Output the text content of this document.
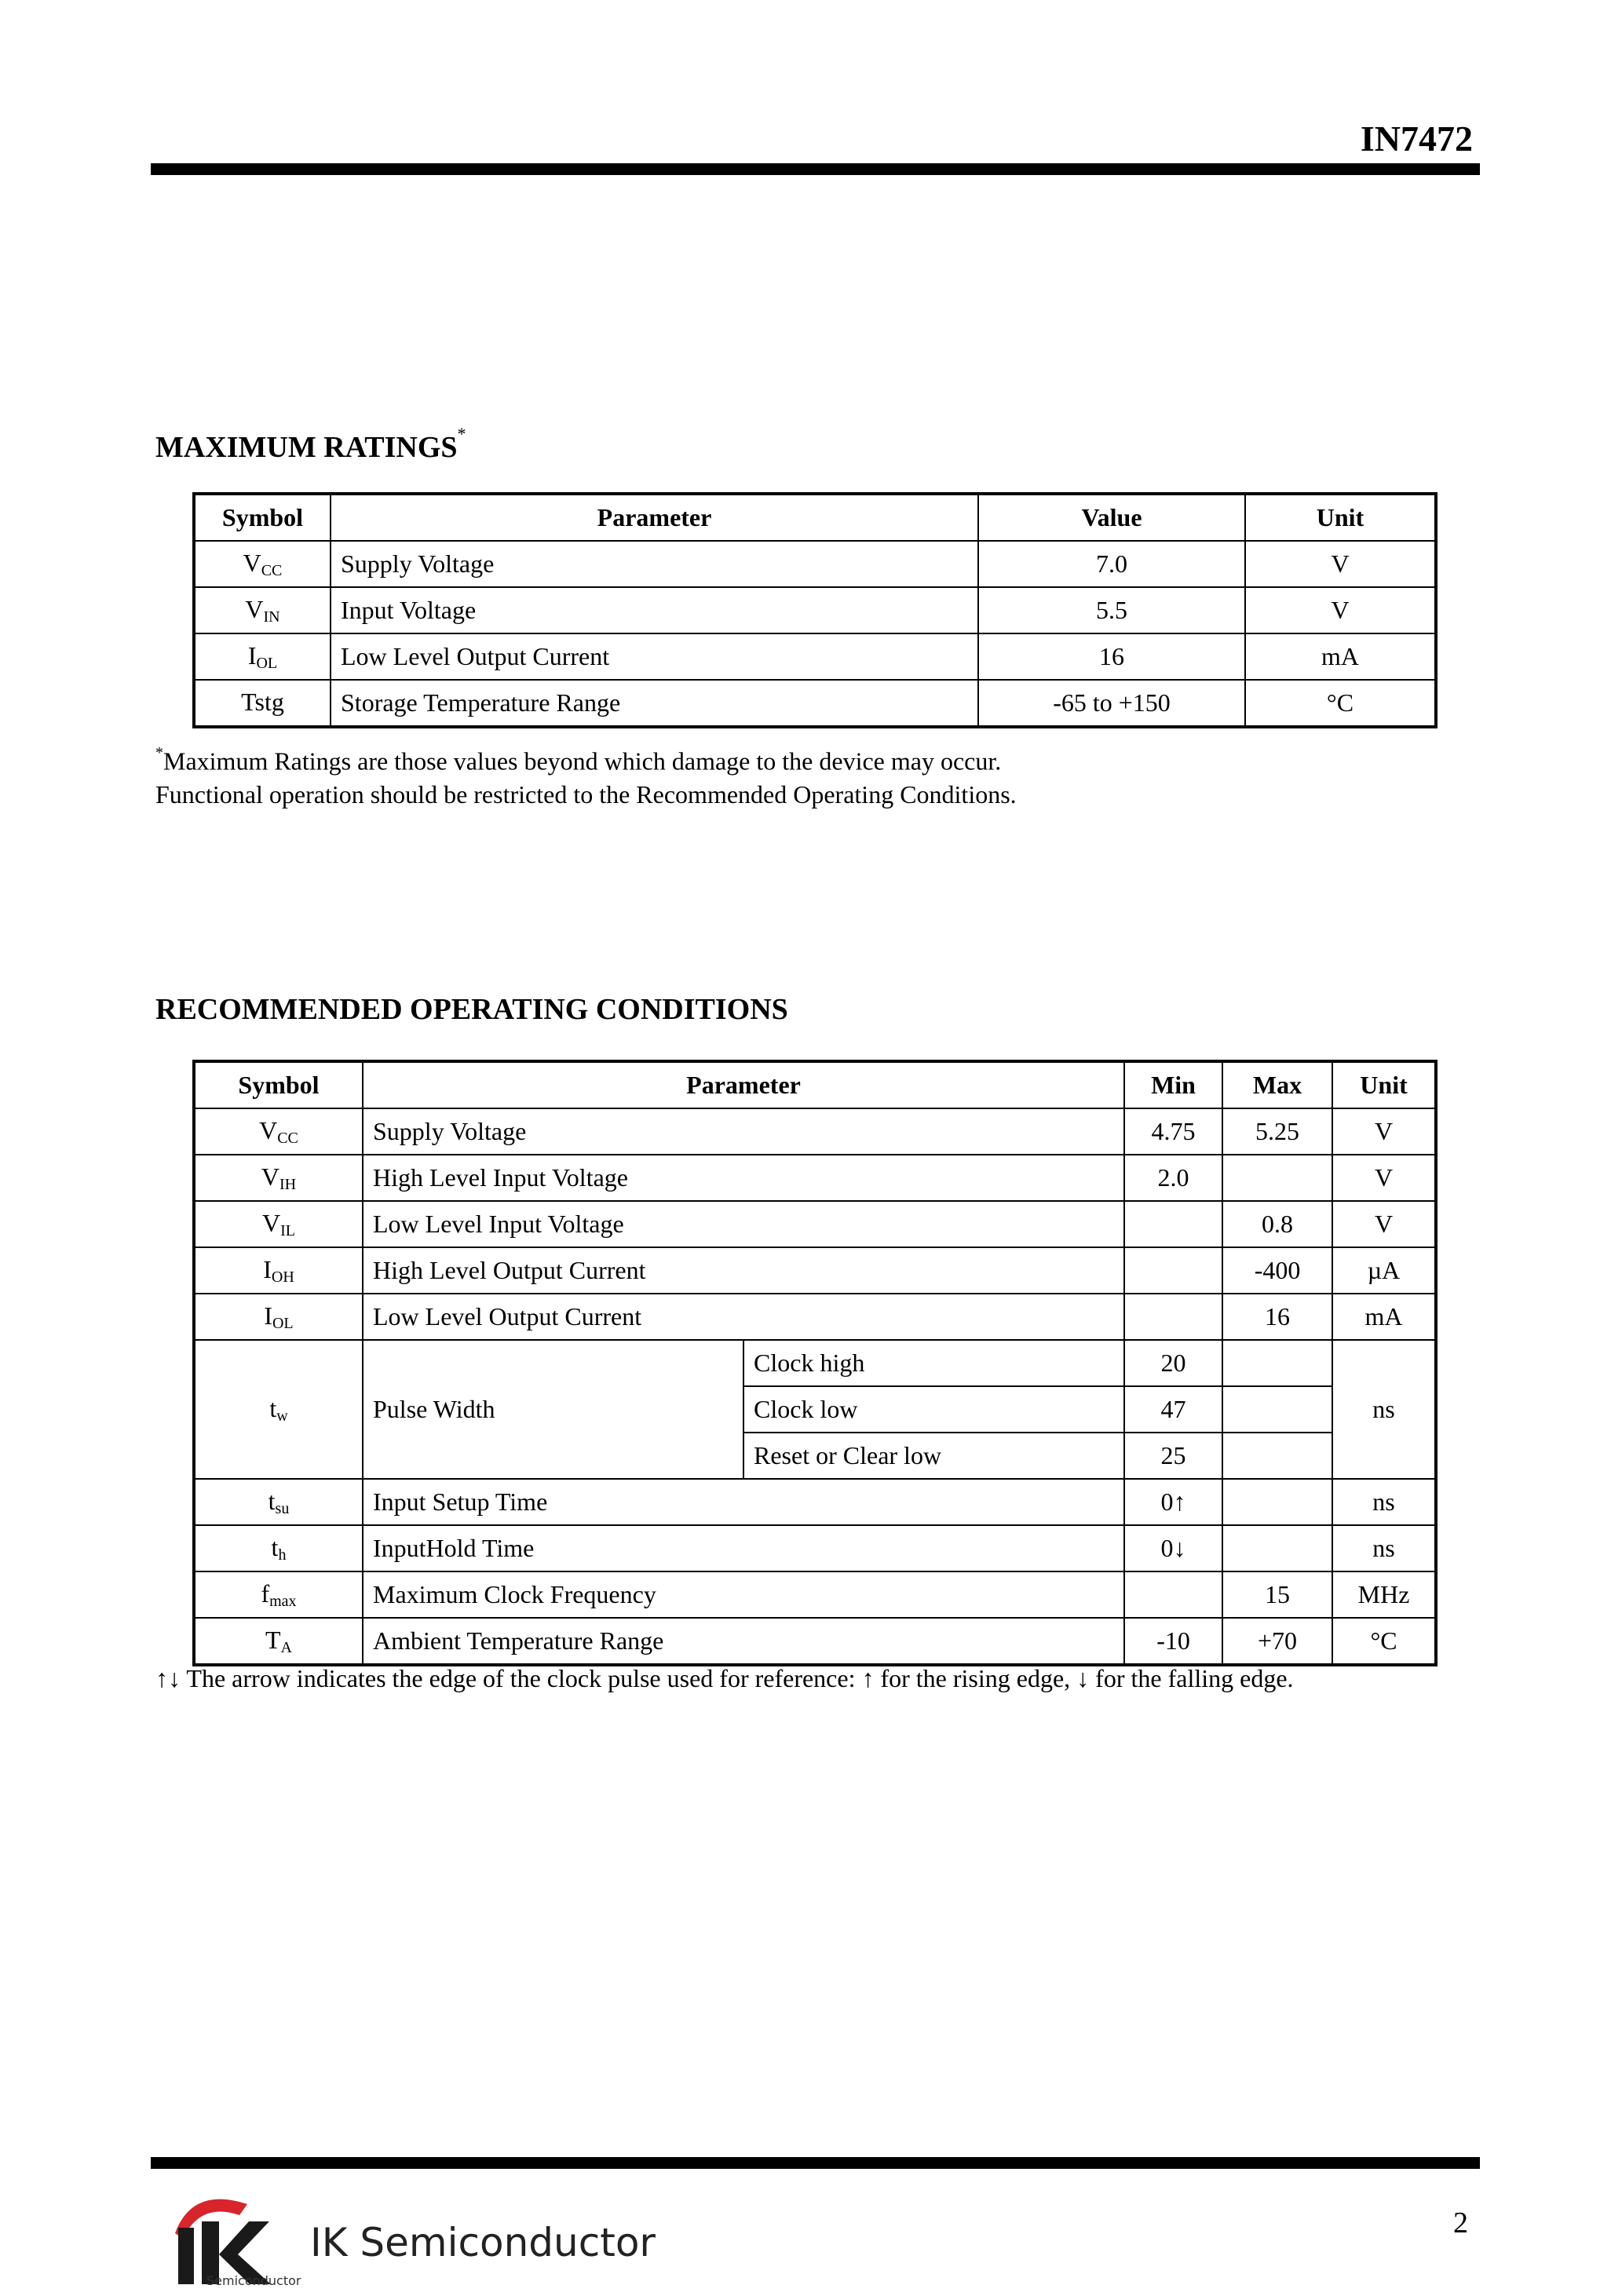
IN7472
MAXIMUM RATINGS*
Symbol	Parameter	Value	Unit
$V_{CC}$	Supply Voltage	7.0	V
$V_{IN}$	Input Voltage	5.5	V
$I_{OL}$	Low Level Output Current	16	mA
Tstg	Storage Temperature Range	-65 to +150	°C
*Maximum Ratings are those values beyond which damage to the device may occur.
Functional operation should be restricted to the Recommended Operating Conditions.
RECOMMENDED OPERATING CONDITIONS
Symbol	Parameter		Min	Max	Unit
$V_{CC}$	Supply Voltage		4.75	5.25	V
$V_{IH}$	High Level Input Voltage		2.0		V
$V_{IL}$	Low Level Input Voltage			0.8	V
$I_{OH}$	High Level Output Current			-400	µA
$I_{OL}$	Low Level Output Current			16	mA
$t_w$	Pulse Width	Clock high	20		ns
		Clock low	47		
		Reset or Clear low	25		
$t_{su}$	Input Setup Time		0↑		ns
$t_h$	InputHold Time		0↓		ns
$f_{max}$	Maximum Clock Frequency			15	MHz
$T_A$	Ambient Temperature Range		-10	+70	°C
↑↓ The arrow indicates the edge of the clock pulse used for reference: ↑ for the rising edge, ↓ for the falling edge.
IK Semiconductor
Semiconductor
2
